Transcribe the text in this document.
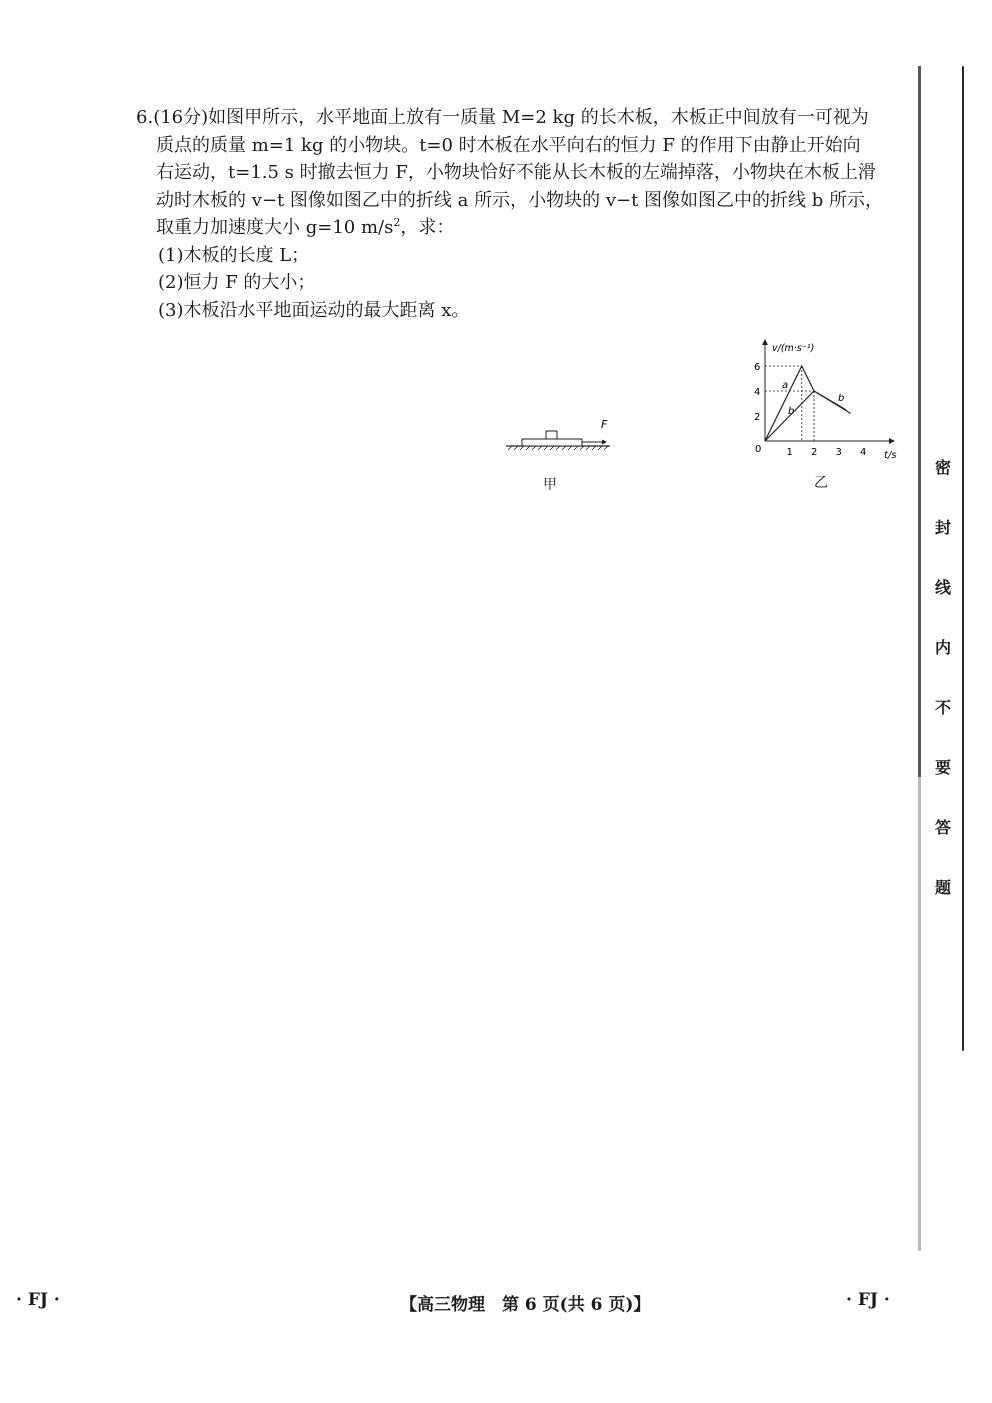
6.(16分)如图甲所示，水平地面上放有一质量 M=2 kg 的长木板，木板正中间放有一可视为

质点的质量 m=1 kg 的小物块。t=0 时木板在水平向右的恒力 F 的作用下由静止开始向

右运动，t=1.5 s 时撤去恒力 F，小物块恰好不能从长木板的左端掉落，小物块在木板上滑

动时木板的 v−t 图像如图乙中的折线 a 所示，小物块的 v−t 图像如图乙中的折线 b 所示，

取重力加速度大小 g=10 $m/s^2$，求：

(1)木板的长度 L；

(2)恒力 F 的大小；

(3)木板沿水平地面运动的最大距离 x。

F
甲
v/(m·s⁻¹)
t/s
0
2
4
6
1 2 3 4
a
b
b
乙
密
封
线
内
不
要
答
题
· FJ ·	【高三物理　第 6 页(共 6 页)】	· FJ ·
